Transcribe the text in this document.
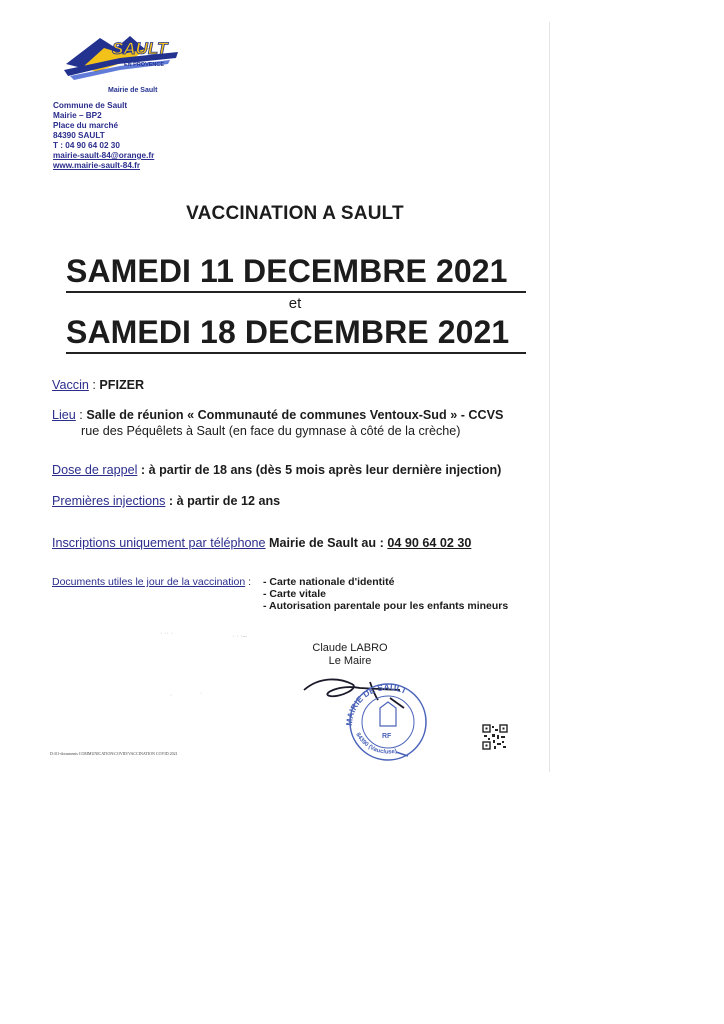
SAULT
EN PROVENCE
Mairie de Sault
Commune de Sault
Mairie – BP2
Place du marché
84390 SAULT
T : 04 90 64 02 30
mairie-sault-84@orange.fr
www.mairie-sault-84.fr
VACCINATION A SAULT
SAMEDI 11 DECEMBRE 2021
et
SAMEDI 18 DECEMBRE 2021
Vaccin : PFIZER
Lieu : Salle de réunion « Communauté de communes Ventoux-Sud » - CCVS
rue des Péquêlets à Sault (en face du gymnase à côté de la crèche)
Dose de rappel : à partir de 18 ans (dès 5 mois après leur dernière injection)
Premières injections : à partir de 12 ans
Inscriptions uniquement par téléphone Mairie de Sault au : 04 90 64 02 30
Documents utiles le jour de la vaccination : - Carte nationale d'identité
- Carte vitale
- Autorisation parentale pour les enfants mineurs
· ·· ·	· · ·–
·	·
Claude LABRO
Le Maire
RF
MAIRIE DE SAULT
84390 (Vaucluse)
D:\01-documents COMMUNICATION\COVID\VACCINATION COVID 2021
